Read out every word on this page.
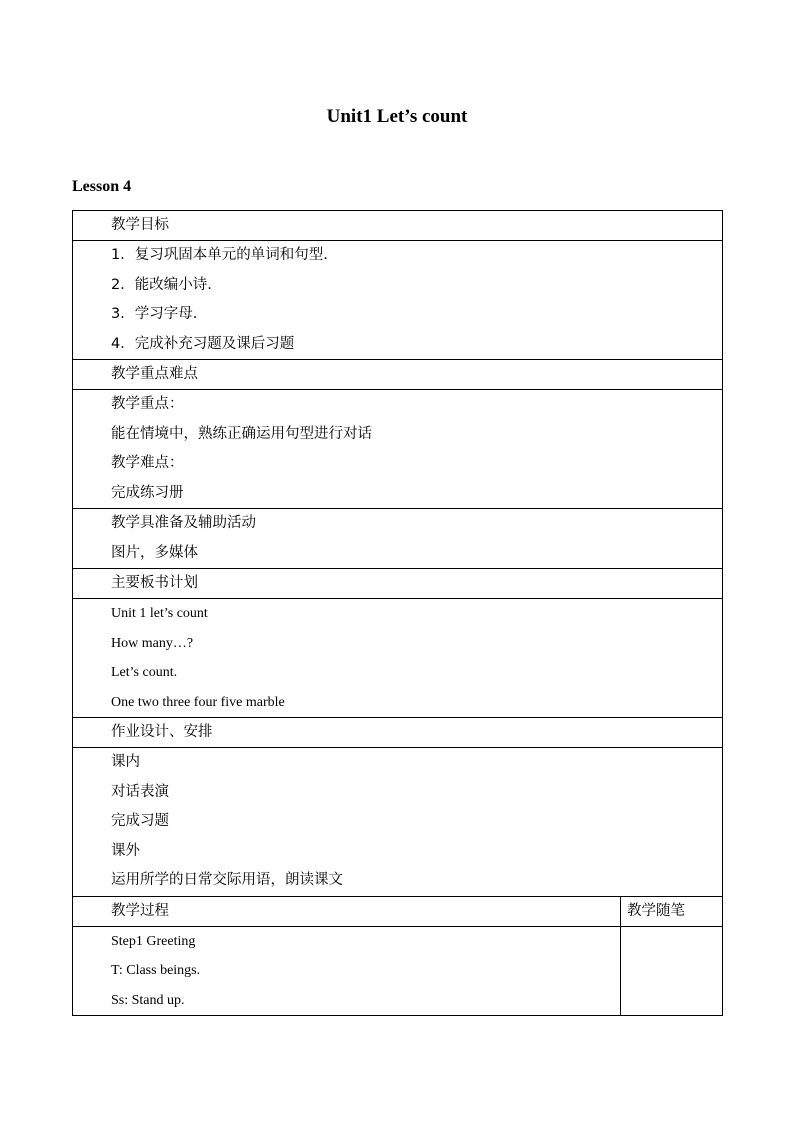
Unit1 Let’s count
Lesson 4
教学目标	

1．复习巩固本单元的单词和句型.
2．能改编小诗.
3．学习字母.
4．完成补充习题及课后习题	

教学重点难点	

教学重点：
能在情境中，熟练正确运用句型进行对话
教学难点：
完成练习册	

教学具准备及辅助活动
图片，多媒体	

主要板书计划	

Unit 1 let’s count
How many…?
Let’s count.
One two three four five marble	

作业设计、安排	

课内
对话表演
完成习题
课外
运用所学的日常交际用语，朗读课文	

教学过程	教学随笔

Step1 Greeting
T: Class beings.
Ss: Stand up.	
